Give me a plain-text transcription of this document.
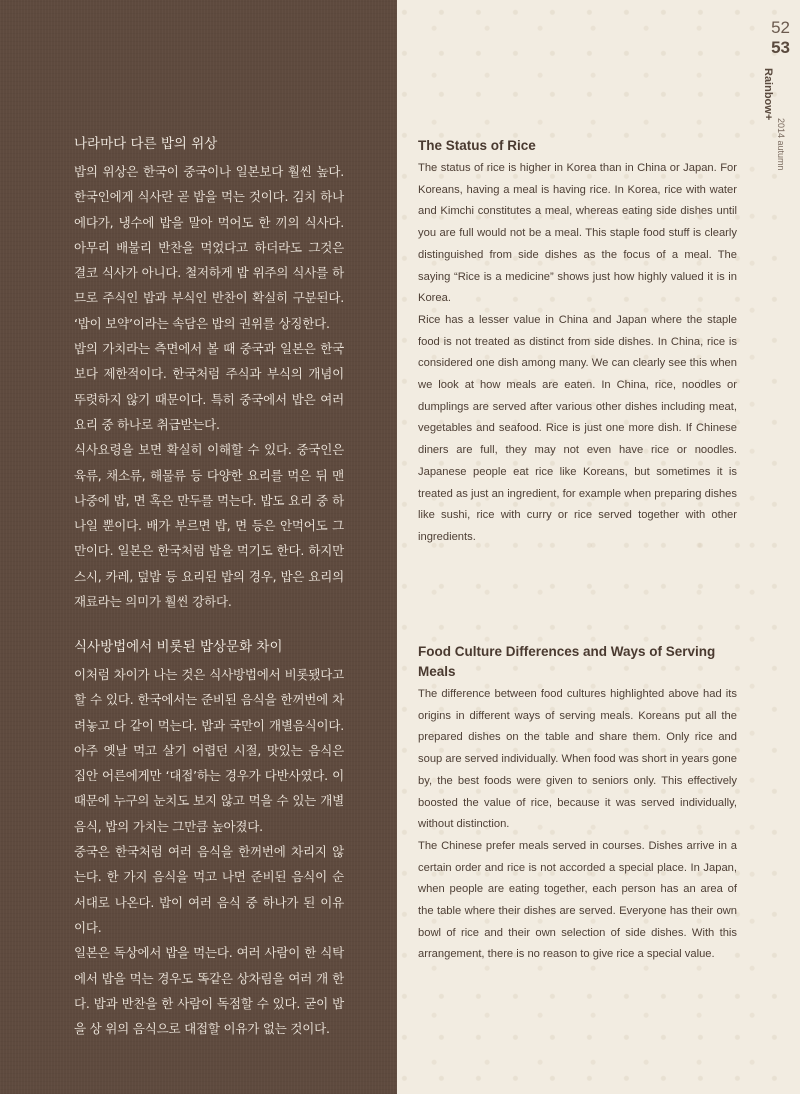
52
53
Rainbow+
2014 autumn
나라마다 다른 밥의 위상

밥의 위상은 한국이 중국이나 일본보다 훨씬 높다. 한국인에게 식사란 곧 밥을 먹는 것이다. 김치 하나에다가, 냉수에 밥을 말아 먹어도 한 끼의 식사다. 아무리 배불리 반찬을 먹었다고 하더라도 그것은 결코 식사가 아니다. 철저하게 밥 위주의 식사를 하므로 주식인 밥과 부식인 반찬이 확실히 구분된다. ‘밥이 보약’이라는 속담은 밥의 권위를 상징한다.

밥의 가치라는 측면에서 볼 때 중국과 일본은 한국보다 제한적이다. 한국처럼 주식과 부식의 개념이 뚜렷하지 않기 때문이다. 특히 중국에서 밥은 여러 요리 중 하나로 취급받는다.

식사요령을 보면 확실히 이해할 수 있다. 중국인은 육류, 채소류, 해물류 등 다양한 요리를 먹은 뒤 맨 나중에 밥, 면 혹은 만두를 먹는다. 밥도 요리 중 하나일 뿐이다. 배가 부르면 밥, 면 등은 안먹어도 그만이다. 일본은 한국처럼 밥을 먹기도 한다. 하지만 스시, 카레, 덮밥 등 요리된 밥의 경우, 밥은 요리의 재료라는 의미가 훨씬 강하다.

식사방법에서 비롯된 밥상문화 차이

이처럼 차이가 나는 것은 식사방법에서 비롯됐다고 할 수 있다. 한국에서는 준비된 음식을 한꺼번에 차려놓고 다 같이 먹는다. 밥과 국만이 개별음식이다. 아주 옛날 먹고 살기 어렵던 시절, 맛있는 음식은 집안 어른에게만 ‘대접’하는 경우가 다반사였다. 이 때문에 누구의 눈치도 보지 않고 먹을 수 있는 개별음식, 밥의 가치는 그만큼 높아졌다.

중국은 한국처럼 여러 음식을 한꺼번에 차리지 않는다. 한 가지 음식을 먹고 나면 준비된 음식이 순서대로 나온다. 밥이 여러 음식 중 하나가 된 이유이다.

일본은 독상에서 밥을 먹는다. 여러 사람이 한 식탁에서 밥을 먹는 경우도 똑같은 상차림을 여러 개 한다. 밥과 반찬을 한 사람이 독점할 수 있다. 굳이 밥을 상 위의 음식으로 대접할 이유가 없는 것이다.

The Status of Rice

The status of rice is higher in Korea than in China or Japan. For Koreans, having a meal is having rice. In Korea, rice with water and Kimchi constitutes a meal, whereas eating side dishes until you are full would not be a meal. This staple food stuff is clearly distinguished from side dishes as the focus of a meal. The saying “Rice is a medicine” shows just how highly valued it is in Korea.

Rice has a lesser value in China and Japan where the staple food is not treated as distinct from side dishes. In China, rice is considered one dish among many. We can clearly see this when we look at how meals are eaten. In China, rice, noodles or dumplings are served after various other dishes including meat, vegetables and seafood. Rice is just one more dish. If Chinese diners are full, they may not even have rice or noodles. Japanese people eat rice like Koreans, but sometimes it is treated as just an ingredient, for example when preparing dishes like sushi, rice with curry or rice served together with other ingredients.

Food Culture Differences and Ways of Serving Meals

The difference between food cultures highlighted above had its origins in different ways of serving meals. Koreans put all the prepared dishes on the table and share them. Only rice and soup are served individually. When food was short in years gone by, the best foods were given to seniors only. This effectively boosted the value of rice, because it was served individually, without distinction.

The Chinese prefer meals served in courses. Dishes arrive in a certain order and rice is not accorded a special place. In Japan, when people are eating together, each person has an area of the table where their dishes are served. Everyone has their own bowl of rice and their own selection of side dishes. With this arrangement, there is no reason to give rice a special value.
